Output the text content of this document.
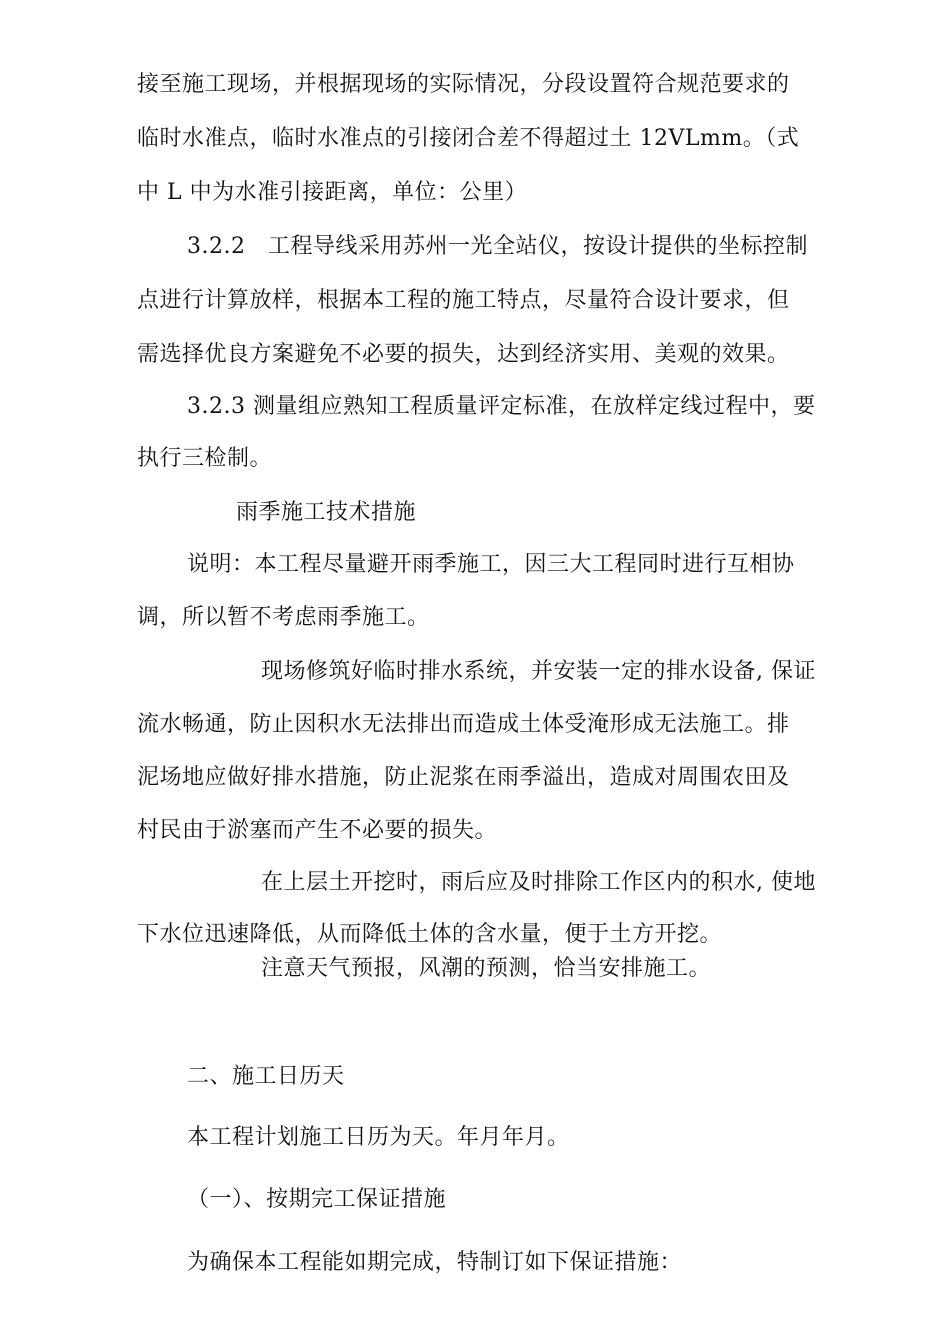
接至施工现场，并根据现场的实际情况，分段设置符合规范要求的
临时水准点，临时水准点的引接闭合差不得超过土 12VLmm。（式
中 L 中为水准引接距离，单位：公里）
3.2.2　工程导线采用苏州一光全站仪，按设计提供的坐标控制
点进行计算放样，根据本工程的施工特点，尽量符合设计要求，但
需选择优良方案避免不必要的损失，达到经济实用、美观的效果。
3.2.3 测量组应熟知工程质量评定标准，在放样定线过程中，要
执行三检制。
雨季施工技术措施
说明：本工程尽量避开雨季施工，因三大工程同时进行互相协
调，所以暂不考虑雨季施工。
现场修筑好临时排水系统，并安装一定的排水设备, 保证
流水畅通，防止因积水无法排出而造成土体受淹形成无法施工。排
泥场地应做好排水措施，防止泥浆在雨季溢出，造成对周围农田及
村民由于淤塞而产生不必要的损失。
在上层土开挖时，雨后应及时排除工作区内的积水, 使地
下水位迅速降低，从而降低土体的含水量，便于土方开挖。
注意天气预报，风潮的预测，恰当安排施工。
二、施工日历天
本工程计划施工日历为天。年月年月。
（一）、按期完工保证措施
为确保本工程能如期完成，特制订如下保证措施：
